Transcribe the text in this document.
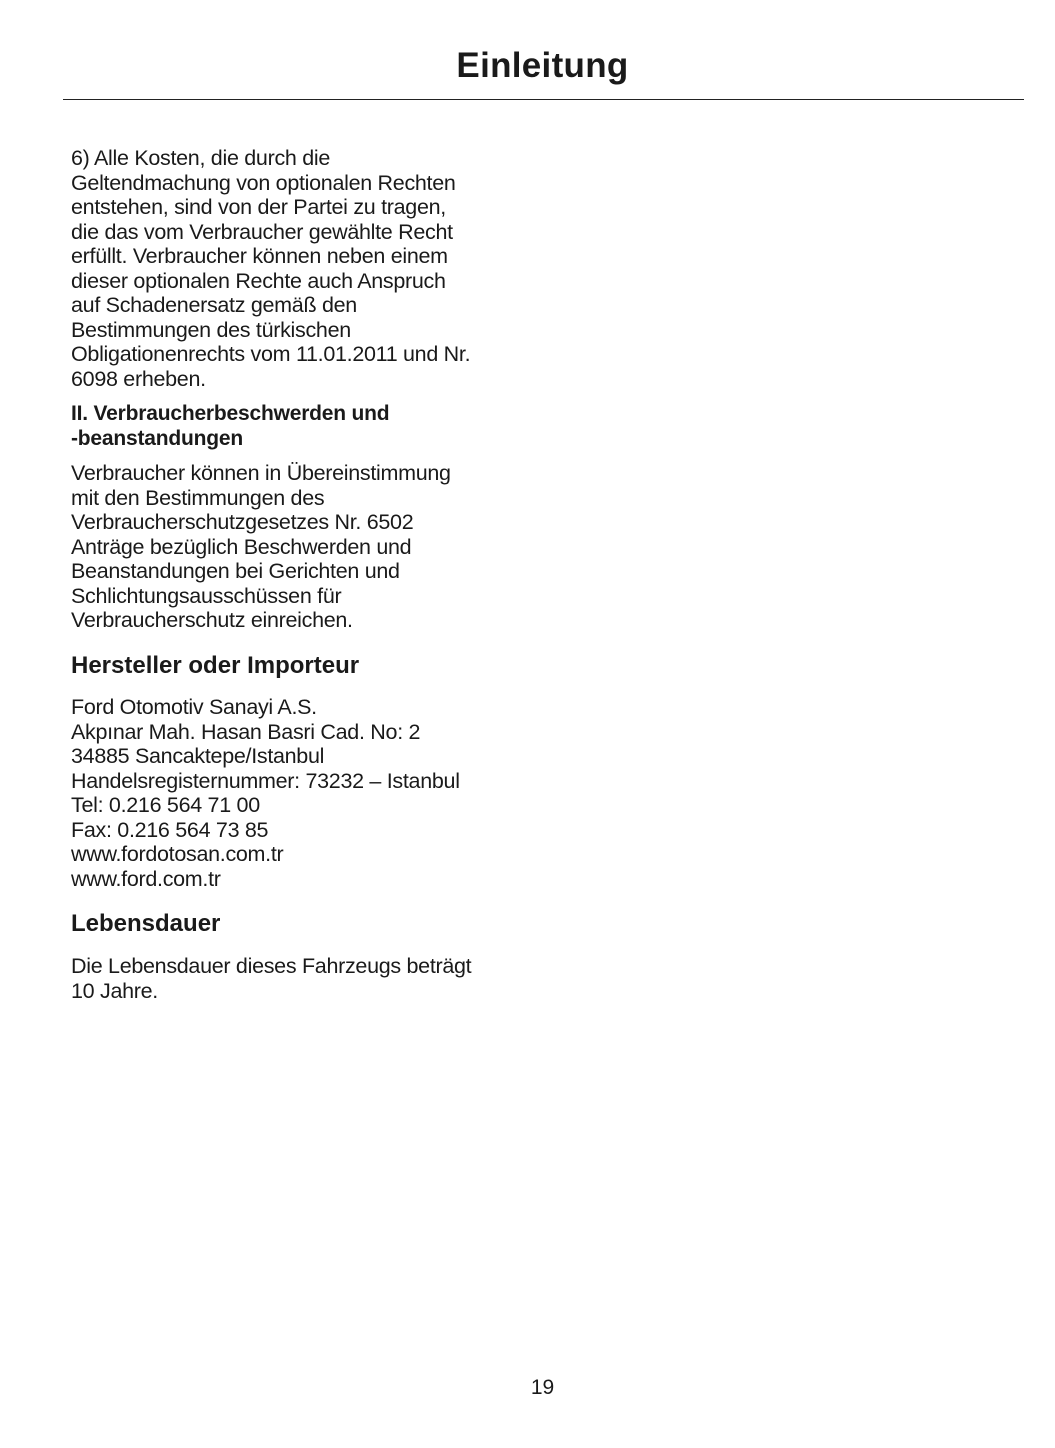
Einleitung
6) Alle Kosten, die durch die
Geltendmachung von optionalen Rechten
entstehen, sind von der Partei zu tragen,
die das vom Verbraucher gewählte Recht
erfüllt. Verbraucher können neben einem
dieser optionalen Rechte auch Anspruch
auf Schadenersatz gemäß den
Bestimmungen des türkischen
Obligationenrechts vom 11.01.2011 und Nr.
6098 erheben.
II. Verbraucherbeschwerden und
-beanstandungen
Verbraucher können in Übereinstimmung
mit den Bestimmungen des
Verbraucherschutzgesetzes Nr. 6502
Anträge bezüglich Beschwerden und
Beanstandungen bei Gerichten und
Schlichtungsausschüssen für
Verbraucherschutz einreichen.
Hersteller oder Importeur
Ford Otomotiv Sanayi A.S.
Akpınar Mah. Hasan Basri Cad. No: 2
34885 Sancaktepe/Istanbul
Handelsregisternummer: 73232 – Istanbul
Tel: 0.216 564 71 00
Fax: 0.216 564 73 85
www.fordotosan.com.tr
www.ford.com.tr
Lebensdauer
Die Lebensdauer dieses Fahrzeugs beträgt
10 Jahre.
19
